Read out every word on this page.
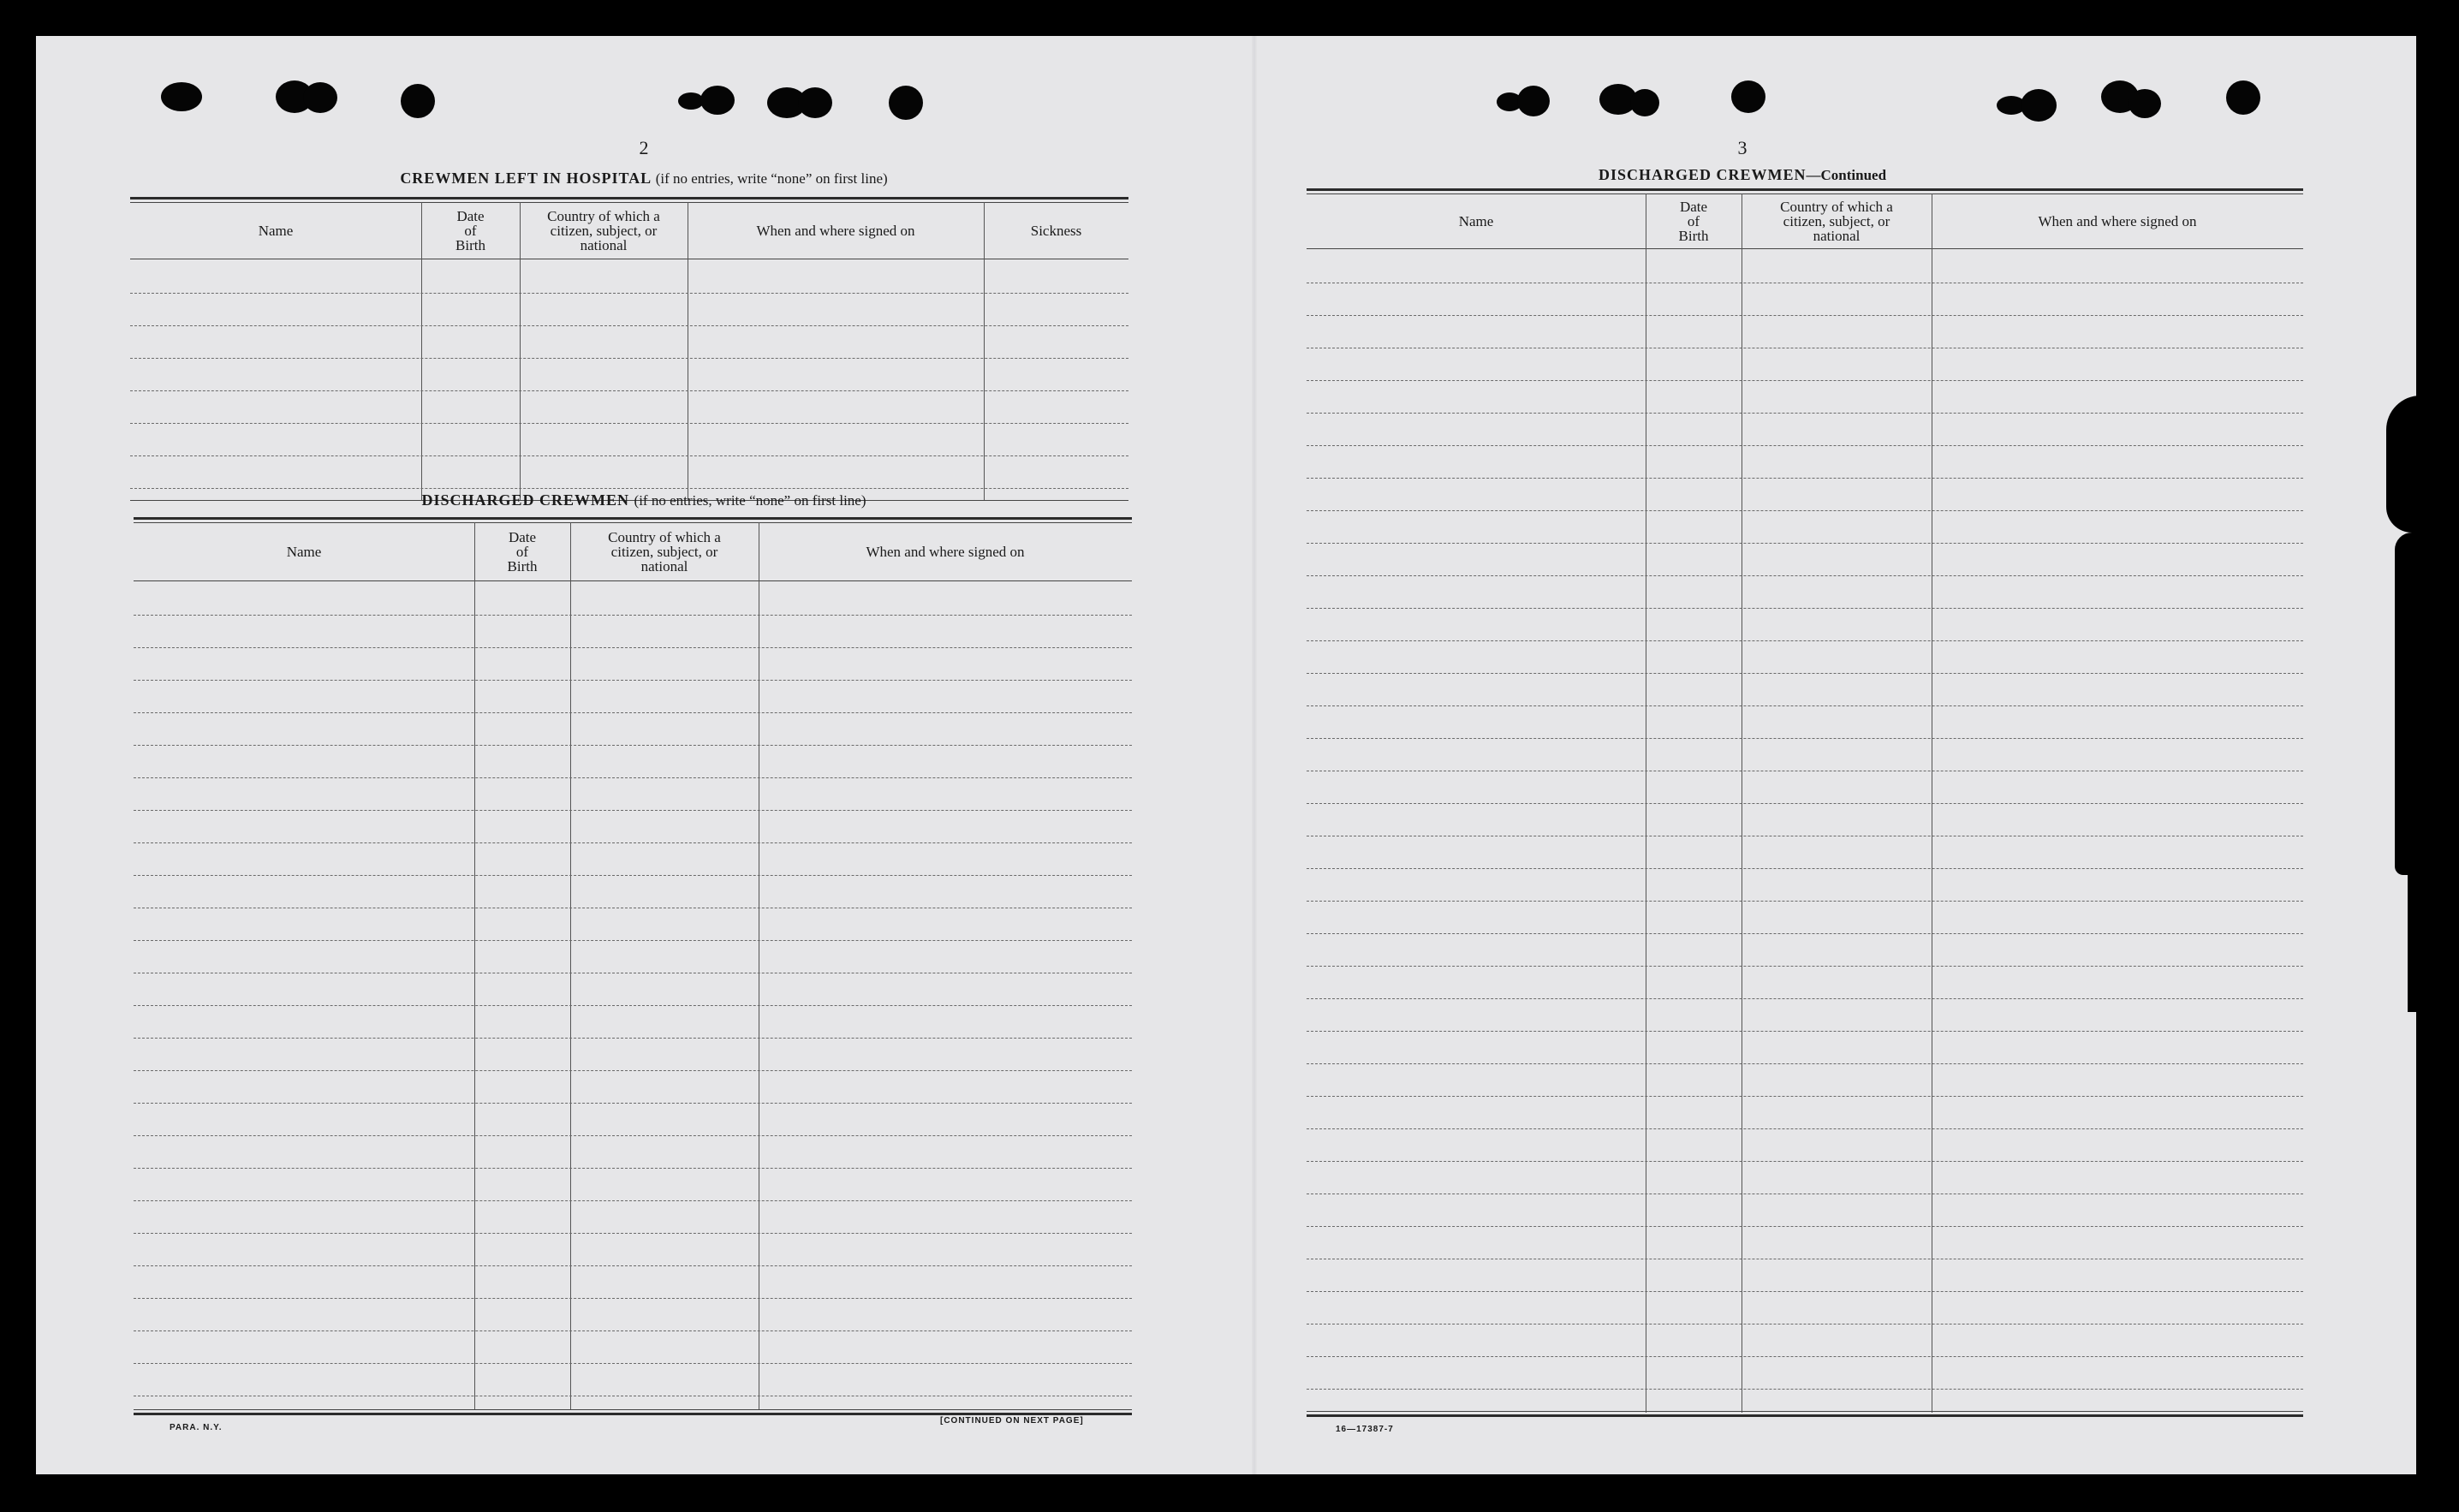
2
CREWMEN LEFT IN HOSPITAL (if no entries, write “none” on first line)
Name
Date
of
Birth
Country of which a
citizen, subject, or
national
When and where signed on	Sickness
DISCHARGED CREWMEN (if no entries, write “none” on first line)
Name
Date
of
Birth
Country of which a
citizen, subject, or
national
When and where signed on
PARA. N.Y.
[CONTINUED ON NEXT PAGE]
3
DISCHARGED CREWMEN—Continued
Name
Date
of
Birth
Country of which a
citizen, subject, or
national
When and where signed on
16—17387-7
